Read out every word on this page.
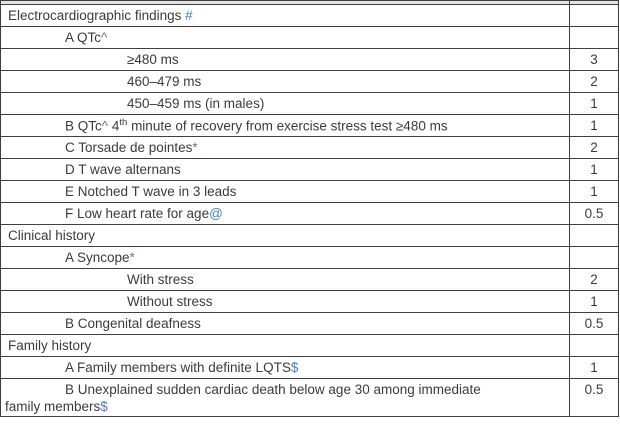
Electrocardiographic findings #	
A QTc^	
≥480 ms	3
460–479 ms	2
450–459 ms (in males)	1
B QTc^ 4th minute of recovery from exercise stress test ≥480 ms	1
C Torsade de pointes*	2
D T wave alternans	1
E Notched T wave in 3 leads	1
F Low heart rate for age@	0.5
Clinical history	
A Syncope*	
With stress	2
Without stress	1
B Congenital deafness	0.5
Family history	
A Family members with definite LQTS$	1
B Unexplained sudden cardiac death below age 30 among immediate
family members$	0.5
